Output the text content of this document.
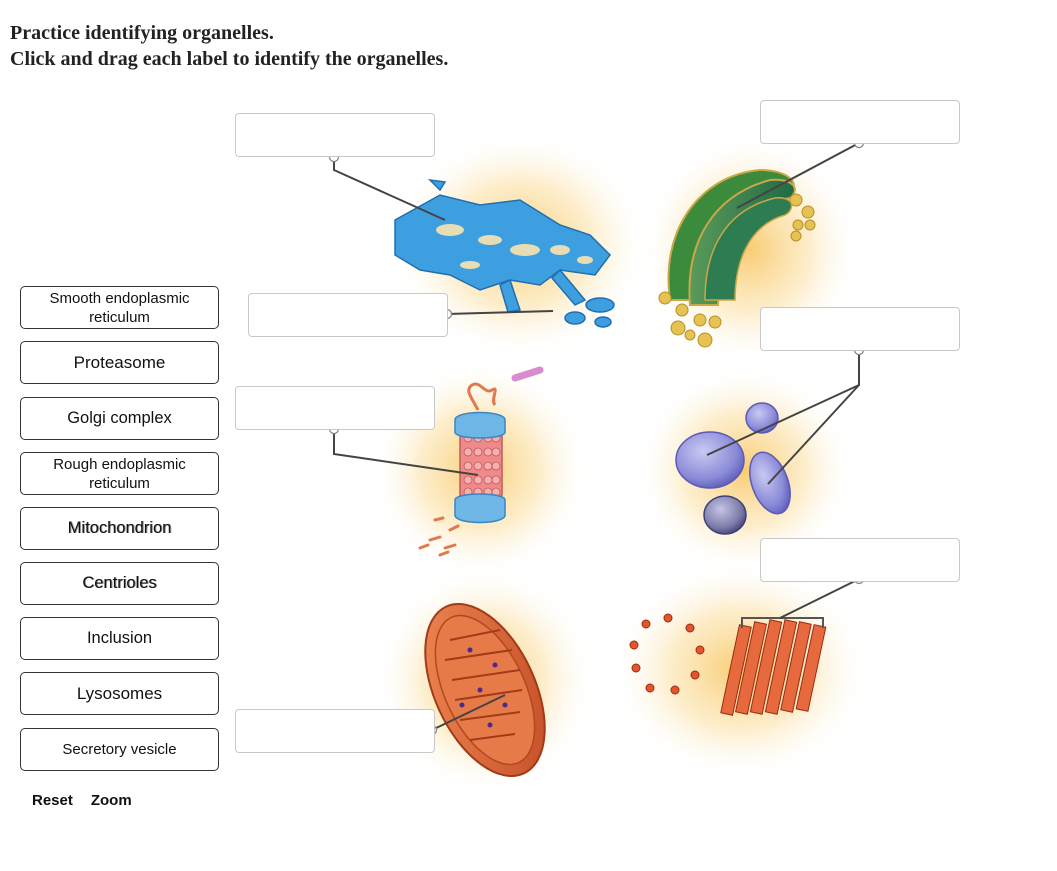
Practice identifying organelles.
Click and drag each label to identify the organelles.
Smooth endoplasmic reticulum
Proteasome
Golgi complex
Rough endoplasmic reticulum
Mitochondrion
Centrioles
Inclusion
Lysosomes
Secretory vesicle
Reset Zoom
